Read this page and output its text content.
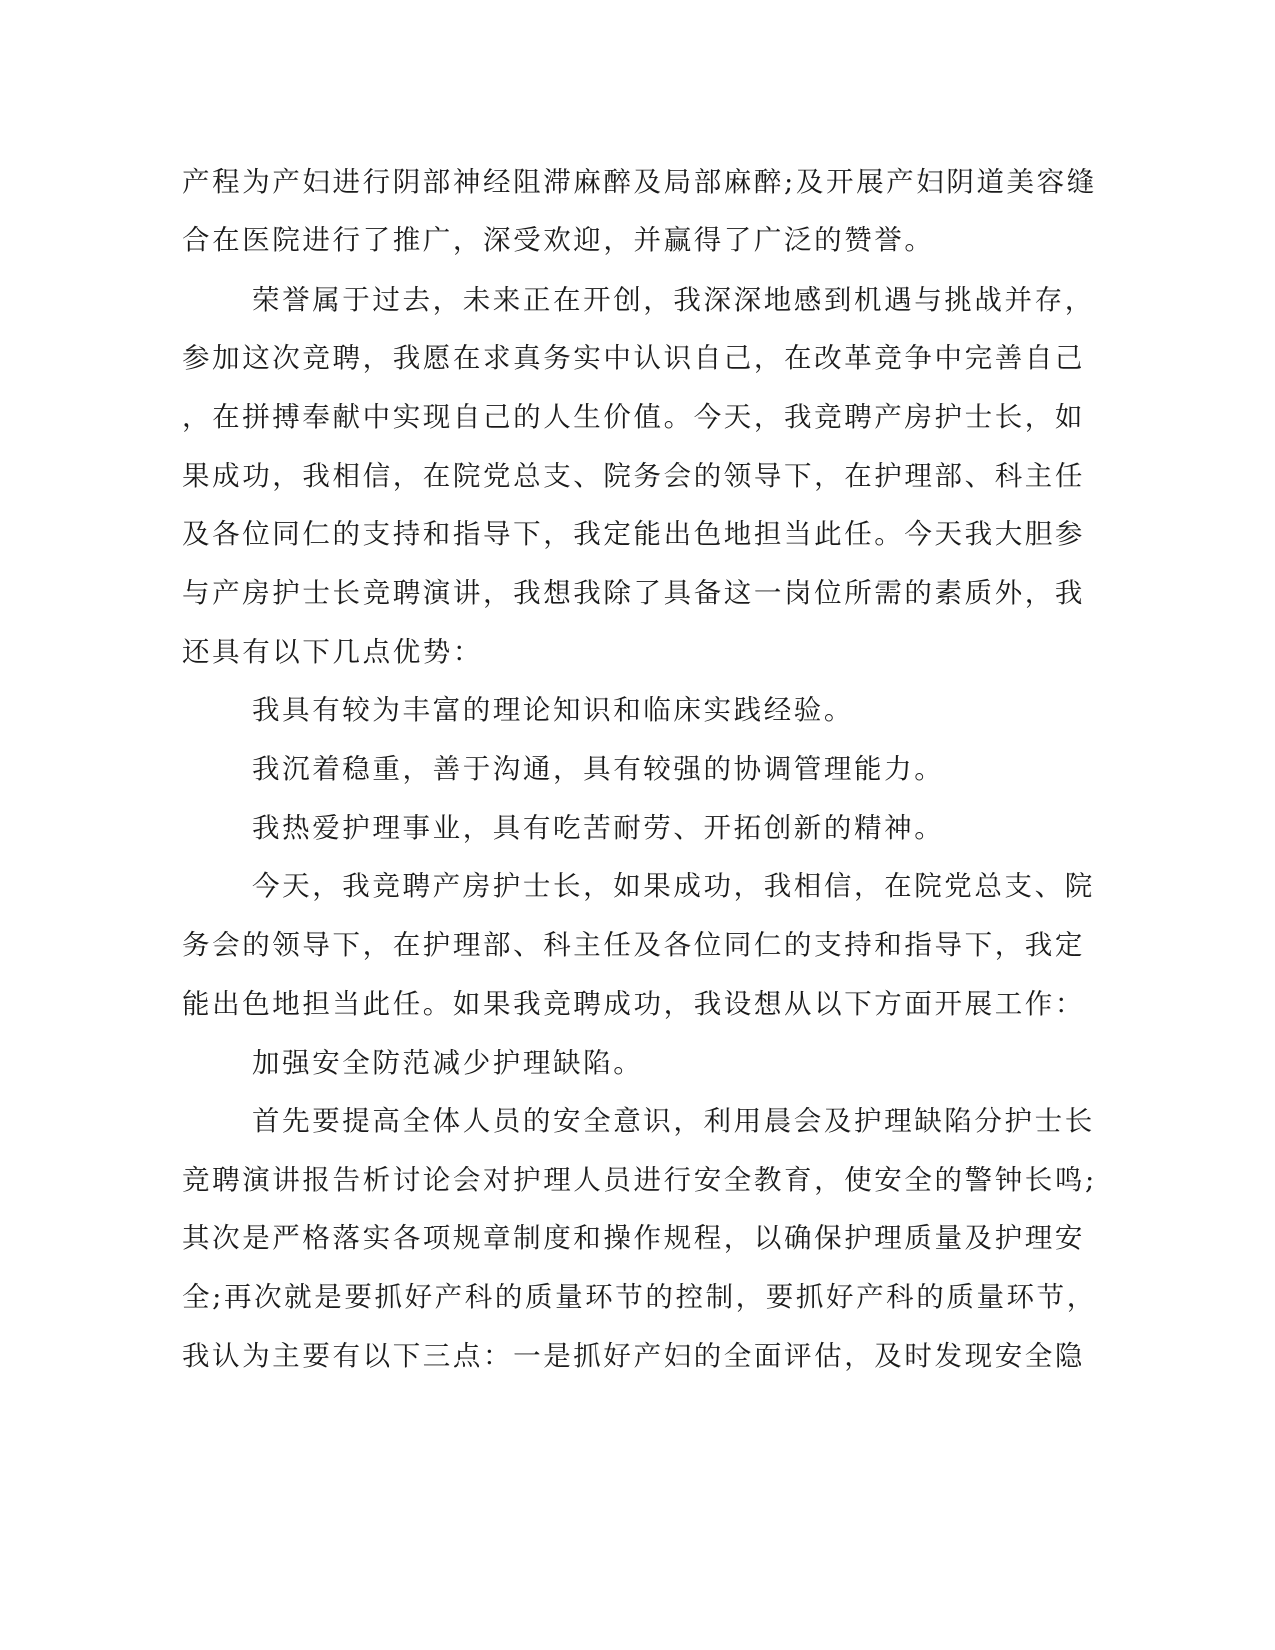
产程为产妇进行阴部神经阻滞麻醉及局部麻醉;及开展产妇阴道美容缝
合在医院进行了推广，深受欢迎，并赢得了广泛的赞誉。
荣誉属于过去，未来正在开创，我深深地感到机遇与挑战并存，
参加这次竞聘，我愿在求真务实中认识自己，在改革竞争中完善自己
，在拼搏奉献中实现自己的人生价值。今天，我竞聘产房护士长，如
果成功，我相信，在院党总支、院务会的领导下，在护理部、科主任
及各位同仁的支持和指导下，我定能出色地担当此任。今天我大胆参
与产房护士长竞聘演讲，我想我除了具备这一岗位所需的素质外，我
还具有以下几点优势：
我具有较为丰富的理论知识和临床实践经验。
我沉着稳重，善于沟通，具有较强的协调管理能力。
我热爱护理事业，具有吃苦耐劳、开拓创新的精神。
今天，我竞聘产房护士长，如果成功，我相信，在院党总支、院
务会的领导下，在护理部、科主任及各位同仁的支持和指导下，我定
能出色地担当此任。如果我竞聘成功，我设想从以下方面开展工作：
加强安全防范减少护理缺陷。
首先要提高全体人员的安全意识，利用晨会及护理缺陷分护士长
竞聘演讲报告析讨论会对护理人员进行安全教育，使安全的警钟长鸣;
其次是严格落实各项规章制度和操作规程，以确保护理质量及护理安
全;再次就是要抓好产科的质量环节的控制，要抓好产科的质量环节，
我认为主要有以下三点：一是抓好产妇的全面评估，及时发现安全隐
